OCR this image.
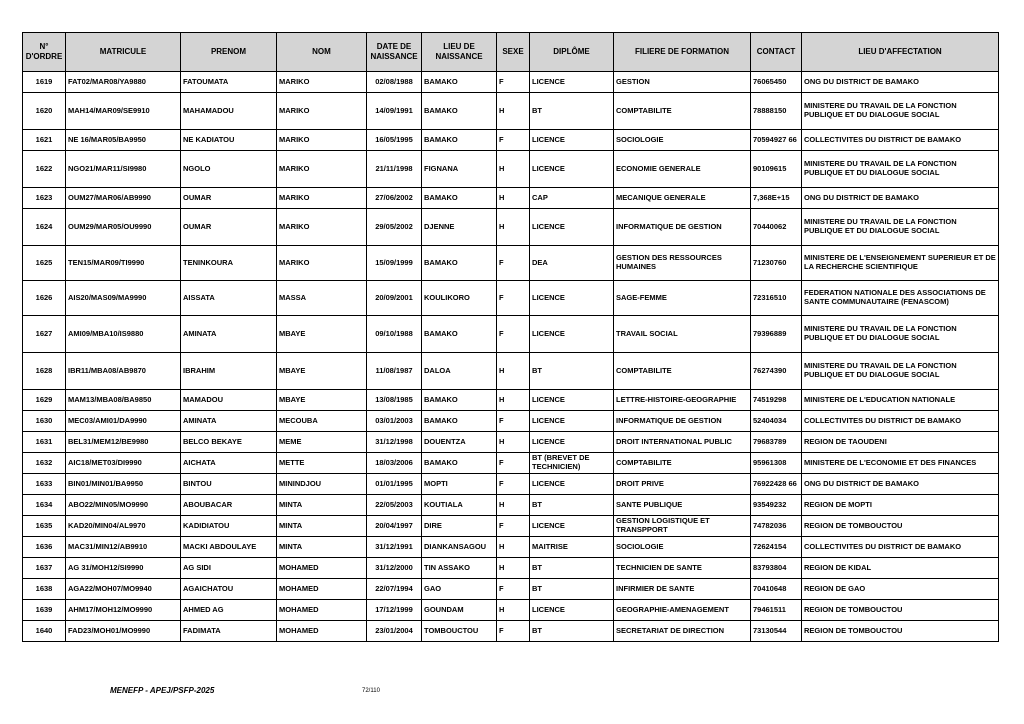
N° D'ORDRE	MATRICULE	PRENOM	NOM	DATE DE NAISSANCE	LIEU DE NAISSANCE	SEXE	DIPLÔME	FILIERE DE FORMATION	CONTACT	LIEU D'AFFECTATION
1619	FAT02/MAR08/YA9880	FATOUMATA	MARIKO	02/08/1988	BAMAKO	F	LICENCE	GESTION	76065450	ONG DU DISTRICT DE BAMAKO
1620	MAH14/MAR09/SE9910	MAHAMADOU	MARIKO	14/09/1991	BAMAKO	H	BT	COMPTABILITE	78888150	MINISTERE DU TRAVAIL DE LA FONCTION PUBLIQUE ET DU DIALOGUE SOCIAL
1621	NE 16/MAR05/BA9950	NE KADIATOU	MARIKO	16/05/1995	BAMAKO	F	LICENCE	SOCIOLOGIE	70594927 66	COLLECTIVITES DU DISTRICT DE BAMAKO
1622	NGO21/MAR11/SI9980	NGOLO	MARIKO	21/11/1998	FIGNANA	H	LICENCE	ECONOMIE GENERALE	90109615	MINISTERE DU TRAVAIL DE LA FONCTION PUBLIQUE ET DU DIALOGUE SOCIAL
1623	OUM27/MAR06/AB9990	OUMAR	MARIKO	27/06/2002	BAMAKO	H	CAP	MECANIQUE GENERALE	7,368E+15	ONG DU DISTRICT DE BAMAKO
1624	OUM29/MAR05/OU9990	OUMAR	MARIKO	29/05/2002	DJENNE	H	LICENCE	INFORMATIQUE DE GESTION	70440062	MINISTERE DU TRAVAIL DE LA FONCTION PUBLIQUE ET DU DIALOGUE SOCIAL
1625	TEN15/MAR09/TI9990	TENINKOURA	MARIKO	15/09/1999	BAMAKO	F	DEA	GESTION DES RESSOURCES HUMAINES	71230760	MINISTERE DE L'ENSEIGNEMENT SUPERIEUR ET DE LA RECHERCHE SCIENTIFIQUE
1626	AIS20/MAS09/MA9990	AISSATA	MASSA	20/09/2001	KOULIKORO	F	LICENCE	SAGE-FEMME	72316510	FEDERATION NATIONALE DES ASSOCIATIONS DE SANTE COMMUNAUTAIRE (FENASCOM)
1627	AMI09/MBA10/IS9880	AMINATA	MBAYE	09/10/1988	BAMAKO	F	LICENCE	TRAVAIL SOCIAL	79396889	MINISTERE DU TRAVAIL DE LA FONCTION PUBLIQUE ET DU DIALOGUE SOCIAL
1628	IBR11/MBA08/AB9870	IBRAHIM	MBAYE	11/08/1987	DALOA	H	BT	COMPTABILITE	76274390	MINISTERE DU TRAVAIL DE LA FONCTION PUBLIQUE ET DU DIALOGUE SOCIAL
1629	MAM13/MBA08/BA9850	MAMADOU	MBAYE	13/08/1985	BAMAKO	H	LICENCE	LETTRE-HISTOIRE-GEOGRAPHIE	74519298	MINISTERE DE L'EDUCATION NATIONALE
1630	MEC03/AMI01/DA9990	AMINATA	MECOUBA	03/01/2003	BAMAKO	F	LICENCE	INFORMATIQUE DE GESTION	52404034	COLLECTIVITES DU DISTRICT DE BAMAKO
1631	BEL31/MEM12/BE9980	BELCO BEKAYE	MEME	31/12/1998	DOUENTZA	H	LICENCE	DROIT INTERNATIONAL PUBLIC	79683789	REGION DE TAOUDENI
1632	AIC18/MET03/DI9990	AICHATA	METTE	18/03/2006	BAMAKO	F	BT (BREVET DE TECHNICIEN)	COMPTABILITE	95961308	MINISTERE DE L'ECONOMIE ET DES FINANCES
1633	BIN01/MIN01/BA9950	BINTOU	MININDJOU	01/01/1995	MOPTI	F	LICENCE	DROIT PRIVE	76922428 66	ONG DU DISTRICT DE BAMAKO
1634	ABO22/MIN05/MO9990	ABOUBACAR	MINTA	22/05/2003	KOUTIALA	H	BT	SANTE PUBLIQUE	93549232	REGION DE MOPTI
1635	KAD20/MIN04/AL9970	KADIDIATOU	MINTA	20/04/1997	DIRE	F	LICENCE	GESTION LOGISTIQUE ET TRANSPPORT	74782036	REGION DE TOMBOUCTOU
1636	MAC31/MIN12/AB9910	MACKI ABDOULAYE	MINTA	31/12/1991	DIANKANSAGOU	H	MAITRISE	SOCIOLOGIE	72624154	COLLECTIVITES DU DISTRICT DE BAMAKO
1637	AG 31/MOH12/SI9990	AG SIDI	MOHAMED	31/12/2000	TIN ASSAKO	H	BT	TECHNICIEN DE SANTE	83793804	REGION DE KIDAL
1638	AGA22/MOH07/MO9940	AGAICHATOU	MOHAMED	22/07/1994	GAO	F	BT	INFIRMIER DE SANTE	70410648	REGION DE GAO
1639	AHM17/MOH12/MO9990	AHMED AG	MOHAMED	17/12/1999	GOUNDAM	H	LICENCE	GEOGRAPHIE-AMENAGEMENT	79461511	REGION DE TOMBOUCTOU
1640	FAD23/MOH01/MO9990	FADIMATA	MOHAMED	23/01/2004	TOMBOUCTOU	F	BT	SECRETARIAT DE DIRECTION	73130544	REGION DE TOMBOUCTOU
MENEFP - APEJ/PSFP-2025	72/110
